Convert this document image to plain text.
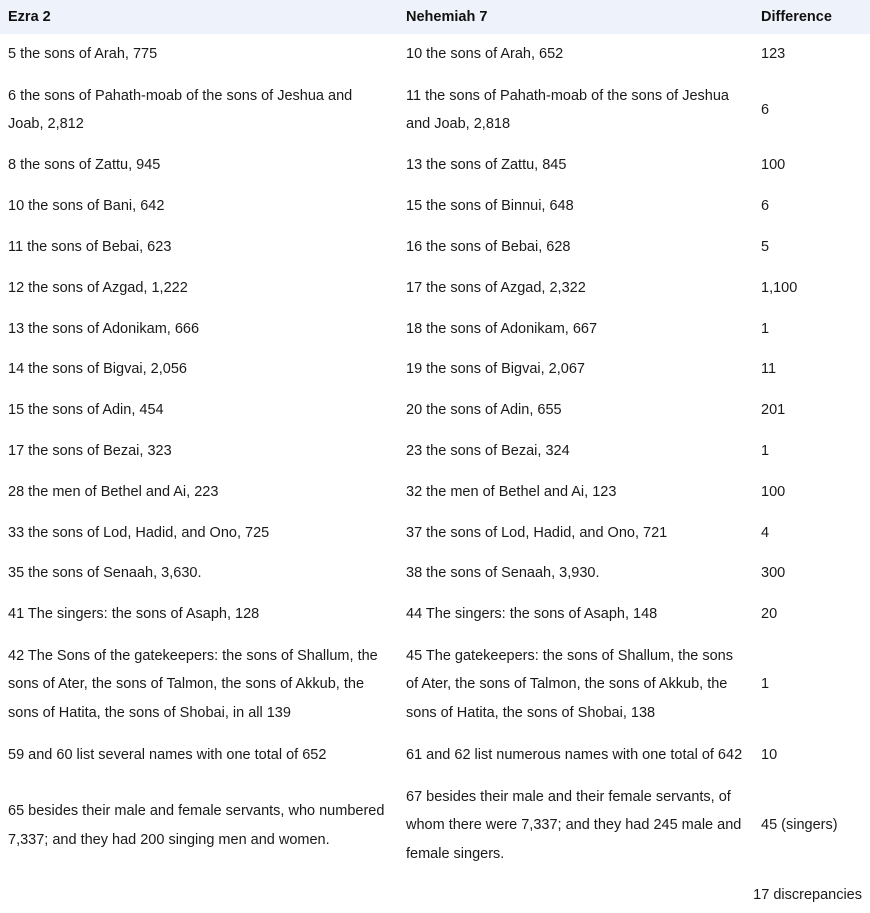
Ezra 2	Nehemiah 7	Difference
5 the sons of Arah, 775	10 the sons of Arah, 652	123
6 the sons of Pahath-moab of the sons of Jeshua and Joab, 2,812	11 the sons of Pahath-moab of the sons of Jeshua and Joab, 2,818	6
8 the sons of Zattu, 945	13 the sons of Zattu, 845	100
10 the sons of Bani, 642	15 the sons of Binnui, 648	6
11 the sons of Bebai, 623	16 the sons of Bebai, 628	5
12 the sons of Azgad, 1,222	17 the sons of Azgad, 2,322	1,100
13 the sons of Adonikam, 666	18 the sons of Adonikam, 667	1
14 the sons of Bigvai, 2,056	19 the sons of Bigvai, 2,067	11
15 the sons of Adin, 454	20 the sons of Adin, 655	201
17 the sons of Bezai, 323	23 the sons of Bezai, 324	1
28 the men of Bethel and Ai, 223	32 the men of Bethel and Ai, 123	100
33 the sons of Lod, Hadid, and Ono, 725	37 the sons of Lod, Hadid, and Ono, 721	4
35 the sons of Senaah, 3,630.	38 the sons of Senaah, 3,930.	300
41 The singers: the sons of Asaph, 128	44 The singers: the sons of Asaph, 148	20
42 The Sons of the gatekeepers: the sons of Shallum, the sons of Ater, the sons of Talmon, the sons of Akkub, the sons of Hatita, the sons of Shobai, in all 139	45 The gatekeepers: the sons of Shallum, the sons of Ater, the sons of Talmon, the sons of Akkub, the sons of Hatita, the sons of Shobai, 138	1
59 and 60 list several names with one total of 652	61 and 62 list numerous names with one total of 642	10
65 besides their male and female servants, who numbered 7,337; and they had 200 singing men and women.	67 besides their male and their female servants, of whom there were 7,337; and they had 245 male and female singers.	45 (singers)
17 discrepancies		
